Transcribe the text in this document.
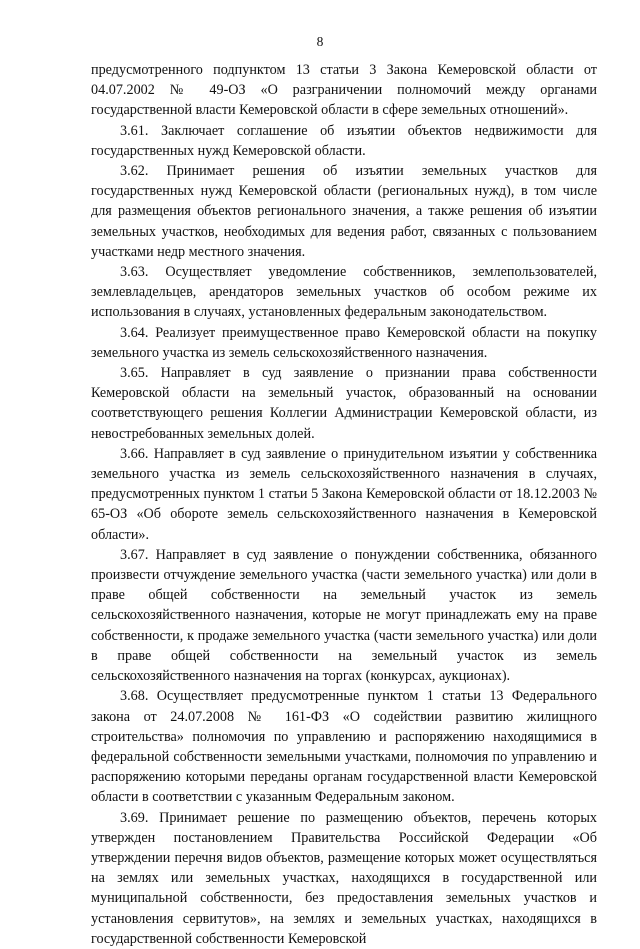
8

предусмотренного подпунктом 13 статьи 3 Закона Кемеровской области от 04.07.2002 № 49-ОЗ «О разграничении полномочий между органами государственной власти Кемеровской области в сфере земельных отношений».

3.61. Заключает соглашение об изъятии объектов недвижимости для государственных нужд Кемеровской области.

3.62. Принимает решения об изъятии земельных участков для государственных нужд Кемеровской области (региональных нужд), в том числе для размещения объектов регионального значения, а также решения об изъятии земельных участков, необходимых для ведения работ, связанных с пользованием участками недр местного значения.

3.63. Осуществляет уведомление собственников, землепользователей, землевладельцев, арендаторов земельных участков об особом режиме их использования в случаях, установленных федеральным законодательством.

3.64. Реализует преимущественное право Кемеровской области на покупку земельного участка из земель сельскохозяйственного назначения.

3.65. Направляет в суд заявление о признании права собственности Кемеровской области на земельный участок, образованный на основании соответствующего решения Коллегии Администрации Кемеровской области, из невостребованных земельных долей.

3.66. Направляет в суд заявление о принудительном изъятии у собственника земельного участка из земель сельскохозяйственного назначения в случаях, предусмотренных пунктом 1 статьи 5 Закона Кемеровской области от 18.12.2003 № 65-ОЗ «Об обороте земель сельскохозяйственного назначения в Кемеровской области».

3.67. Направляет в суд заявление о понуждении собственника, обязанного произвести отчуждение земельного участка (части земельного участка) или доли в праве общей собственности на земельный участок из земель сельскохозяйственного назначения, которые не могут принадлежать ему на праве собственности, к продаже земельного участка (части земельного участка) или доли в праве общей собственности на земельный участок из земель сельскохозяйственного назначения на торгах (конкурсах, аукционах).

3.68. Осуществляет предусмотренные пунктом 1 статьи 13 Федерального закона от 24.07.2008 № 161-ФЗ «О содействии развитию жилищного строительства» полномочия по управлению и распоряжению находящимися в федеральной собственности земельными участками, полномочия по управлению и распоряжению которыми переданы органам государственной власти Кемеровской области в соответствии с указанным Федеральным законом.

3.69. Принимает решение по размещению объектов, перечень которых утвержден постановлением Правительства Российской Федерации «Об утверждении перечня видов объектов, размещение которых может осуществляться на землях или земельных участках, находящихся в государственной или муниципальной собственности, без предоставления земельных участков и установления сервитутов», на землях и земельных участках, находящихся в государственной собственности Кемеровской
